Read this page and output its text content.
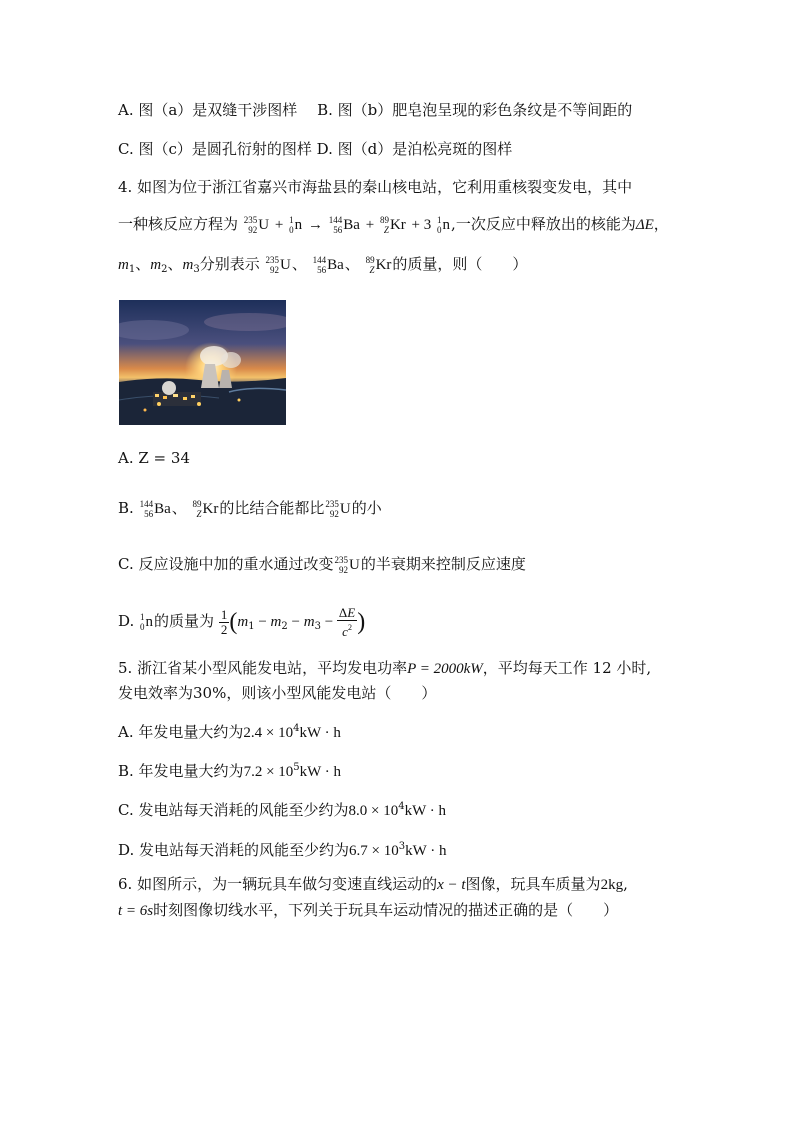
A. 图（a）是双缝干涉图样　 B. 图（b）肥皂泡呈现的彩色条纹是不等间距的
C. 图（c）是圆孔衍射的图样 D. 图（d）是泊松亮斑的图样
4. 如图为位于浙江省嘉兴市海盐县的秦山核电站，它利用重核裂变发电，其中
一种核反应方程为 235
92 U + 1
0 n → 144
56 Ba + 89
Z Kr + 3 1
0 n ,一次反应中释放出的核能为ΔE，
$m_1$、$m_2$、$m_3$分别表示 235
92 U 、 144
56 Ba 、 89
Z Kr 的质量，则（　　）
A. Z = 34
B. 144
56 Ba 、 89
Z Kr 的比结合能都比 235
92 U 的小
C. 反应设施中加的重水通过改变 235
92 U 的半衰期来控制反应速度
D. 1
0 n 的质量为 $\frac{1}{2} (m_1 - m_2 - m_3 - \frac{\Delta E}{c^2}$ )
5. 浙江省某小型风能发电站，平均发电功率P = 2000kW，平均每天工作 12 小时,
发电效率为30%，则该小型风能发电站（　　）
A. 年发电量大约为$2.4 \times 10^4kW \cdot h$
B. 年发电量大约为$7.2 \times 10^5kW \cdot h$
C. 发电站每天消耗的风能至少约为$8.0 \times 10^4kW \cdot h$
D. 发电站每天消耗的风能至少约为$6.7 \times 10^3kW \cdot h$
6. 如图所示，为一辆玩具车做匀变速直线运动的x − t图像，玩具车质量为2kg,
t = 6s时刻图像切线水平，下列关于玩具车运动情况的描述正确的是（　　）
